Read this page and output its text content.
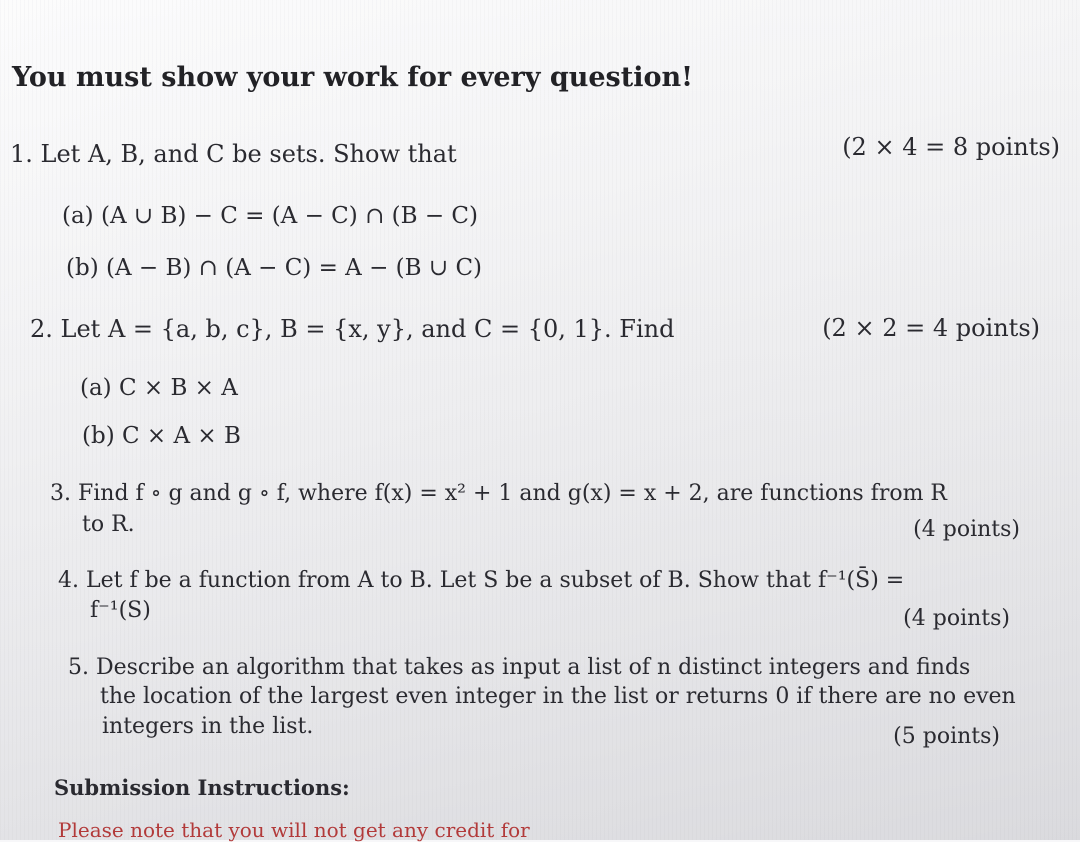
You must show your work for every question!
1. Let A, B, and C be sets. Show that	(2 × 4 = 8 points)
(a) (A ∪ B) − C = (A − C) ∩ (B − C)
(b) (A − B) ∩ (A − C) = A − (B ∪ C)
2. Let A = {a, b, c}, B = {x, y}, and C = {0, 1}. Find	(2 × 2 = 4 points)
(a) C × B × A
(b) C × A × B
3. Find f ∘ g and g ∘ f, where f(x) = x² + 1 and g(x) = x + 2, are functions from R
to R.	(4 points)
4. Let f be a function from A to B. Let S be a subset of B. Show that f⁻¹(S̄) =
f⁻¹(S)	(4 points)
5. Describe an algorithm that takes as input a list of n distinct integers and finds
the location of the largest even integer in the list or returns 0 if there are no even
integers in the list.	(5 points)
Submission Instructions:
Please note that you will not get any credit for
